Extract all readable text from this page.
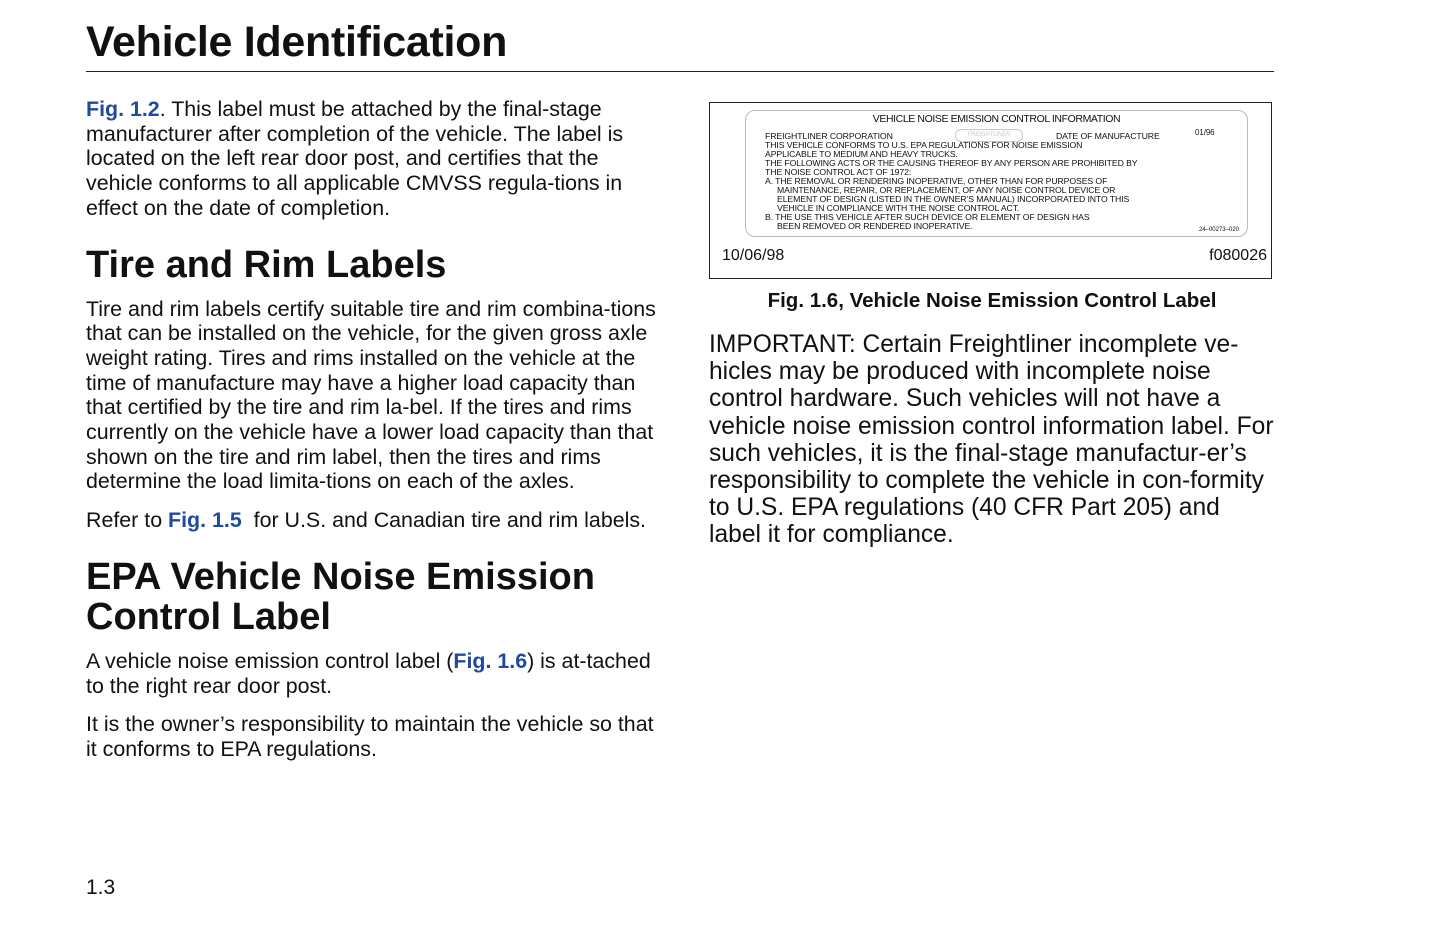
Vehicle Identification

Fig. 1.2. This label must be attached by the final-stage manufacturer after completion of the vehicle. The label is located on the left rear door post, and certifies that the vehicle conforms to all applicable CMVSS regula-tions in effect on the date of completion.

Tire and Rim Labels

Tire and rim labels certify suitable tire and rim combina-tions that can be installed on the vehicle, for the given gross axle weight rating. Tires and rims installed on the vehicle at the time of manufacture may have a higher load capacity than that certified by the tire and rim la-bel. If the tires and rims currently on the vehicle have a lower load capacity than that shown on the tire and rim label, then the tires and rims determine the load limita-tions on each of the axles.

Refer to Fig. 1.5  for U.S. and Canadian tire and rim labels.

EPA Vehicle Noise Emission Control Label

A vehicle noise emission control label (Fig. 1.6) is at-tached to the right rear door post.

It is the owner’s responsibility to maintain the vehicle so that it conforms to EPA regulations.

VEHICLE NOISE EMISSION CONTROL INFORMATION
FREIGHTLINER CORPORATION	FREIGHTLINER	DATE OF MANUFACTURE	01/96
THIS VEHICLE CONFORMS TO U.S. EPA REGULATIONS FOR NOISE EMISSION
APPLICABLE TO MEDIUM AND HEAVY TRUCKS.
THE FOLLOWING ACTS OR THE CAUSING THEREOF BY ANY PERSON ARE PROHIBITED BY
THE NOISE CONTROL ACT OF 1972:
A. THE REMOVAL OR RENDERING INOPERATIVE, OTHER THAN FOR PURPOSES OF
MAINTENANCE, REPAIR, OR REPLACEMENT, OF ANY NOISE CONTROL DEVICE OR
ELEMENT OF DESIGN (LISTED IN THE OWNER’S MANUAL) INCORPORATED INTO THIS
VEHICLE IN COMPLIANCE WITH THE NOISE CONTROL ACT.
B. THE USE THIS VEHICLE AFTER SUCH DEVICE OR ELEMENT OF DESIGN HAS
BEEN REMOVED OR RENDERED INOPERATIVE.	24–00273–020
10/06/98	f080026
Fig. 1.6, Vehicle Noise Emission Control Label

IMPORTANT: Certain Freightliner incomplete ve-hicles may be produced with incomplete noise control hardware. Such vehicles will not have a vehicle noise emission control information label. For such vehicles, it is the final-stage manufactur-er’s responsibility to complete the vehicle in con-formity to U.S. EPA regulations (40 CFR Part 205) and label it for compliance.

1.3
